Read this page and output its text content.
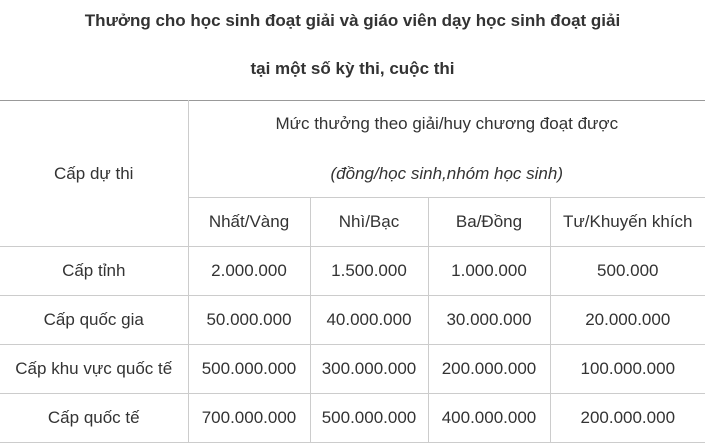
Thưởng cho học sinh đoạt giải và giáo viên dạy học sinh đoạt giải

tại một số kỳ thi, cuộc thi

Cấp dự thi	Mức thưởng theo giải/huy chương đoạt được
(đồng/học sinh,nhóm học sinh)			

	Nhất/Vàng	Nhì/Bạc	Ba/Đồng	Tư/Khuyến khích
Cấp tỉnh	2.000.000	1.500.000	1.000.000	500.000
Cấp quốc gia	50.000.000	40.000.000	30.000.000	20.000.000
Cấp khu vực quốc tế	500.000.000	300.000.000	200.000.000	100.000.000
Cấp quốc tế	700.000.000	500.000.000	400.000.000	200.000.000
